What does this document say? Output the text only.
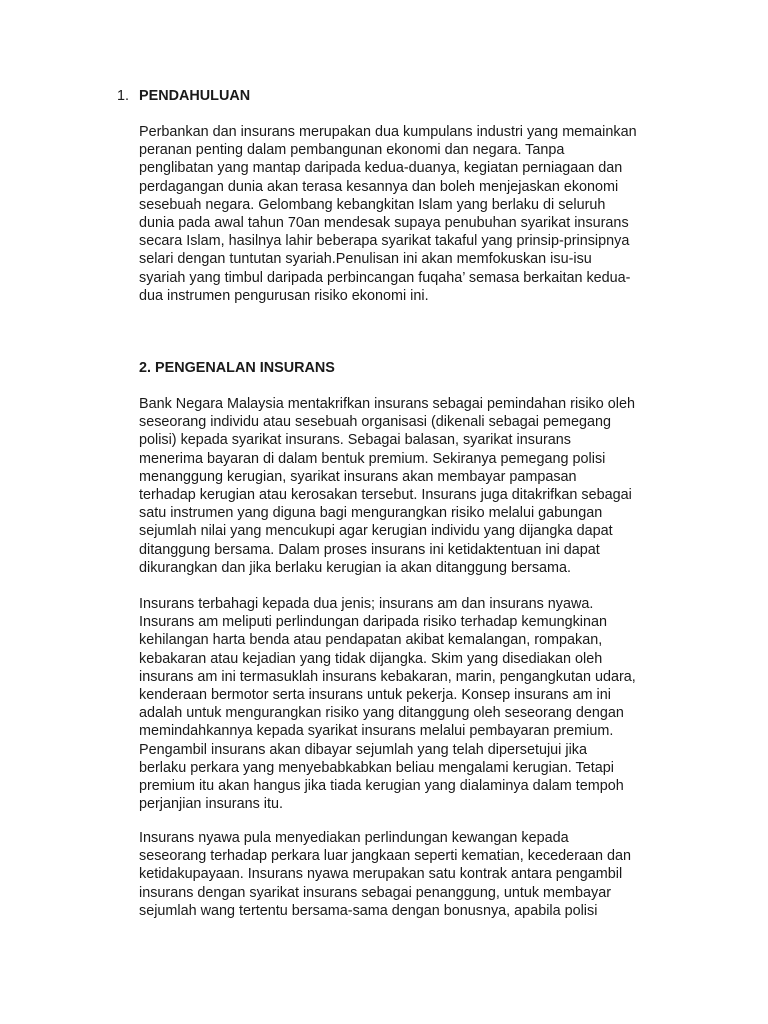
1. PENDAHULUAN
Perbankan dan insurans merupakan dua kumpulans industri yang memainkan
peranan penting dalam pembangunan ekonomi dan negara. Tanpa
penglibatan yang mantap daripada kedua-duanya, kegiatan perniagaan dan
perdagangan dunia akan terasa kesannya dan boleh menjejaskan ekonomi
sesebuah negara. Gelombang kebangkitan Islam yang berlaku di seluruh
dunia pada awal tahun 70an mendesak supaya penubuhan syarikat insurans
secara Islam, hasilnya lahir beberapa syarikat takaful yang prinsip-prinsipnya
selari dengan tuntutan syariah.Penulisan ini akan memfokuskan isu-isu
syariah yang timbul daripada perbincangan fuqaha’ semasa berkaitan kedua-
dua instrumen pengurusan risiko ekonomi ini.
2. PENGENALAN INSURANS
Bank Negara Malaysia mentakrifkan insurans sebagai pemindahan risiko oleh
seseorang individu atau sesebuah organisasi (dikenali sebagai pemegang
polisi) kepada syarikat insurans. Sebagai balasan, syarikat insurans
menerima bayaran di dalam bentuk premium. Sekiranya pemegang polisi
menanggung kerugian, syarikat insurans akan membayar pampasan
terhadap kerugian atau kerosakan tersebut. Insurans juga ditakrifkan sebagai
satu instrumen yang diguna bagi mengurangkan risiko melalui gabungan
sejumlah nilai yang mencukupi agar kerugian individu yang dijangka dapat
ditanggung bersama. Dalam proses insurans ini ketidaktentuan ini dapat
dikurangkan dan jika berlaku kerugian ia akan ditanggung bersama.
Insurans terbahagi kepada dua jenis; insurans am dan insurans nyawa.
Insurans am meliputi perlindungan daripada risiko terhadap kemungkinan
kehilangan harta benda atau pendapatan akibat kemalangan, rompakan,
kebakaran atau kejadian yang tidak dijangka. Skim yang disediakan oleh
insurans am ini termasuklah insurans kebakaran, marin, pengangkutan udara,
kenderaan bermotor serta insurans untuk pekerja. Konsep insurans am ini
adalah untuk mengurangkan risiko yang ditanggung oleh seseorang dengan
memindahkannya kepada syarikat insurans melalui pembayaran premium.
Pengambil insurans akan dibayar sejumlah yang telah dipersetujui jika
berlaku perkara yang menyebabkabkan beliau mengalami kerugian. Tetapi
premium itu akan hangus jika tiada kerugian yang dialaminya dalam tempoh
perjanjian insurans itu.
Insurans nyawa pula menyediakan perlindungan kewangan kepada
seseorang terhadap perkara luar jangkaan seperti kematian, kecederaan dan
ketidakupayaan. Insurans nyawa merupakan satu kontrak antara pengambil
insurans dengan syarikat insurans sebagai penanggung, untuk membayar
sejumlah wang tertentu bersama-sama dengan bonusnya, apabila polisi
